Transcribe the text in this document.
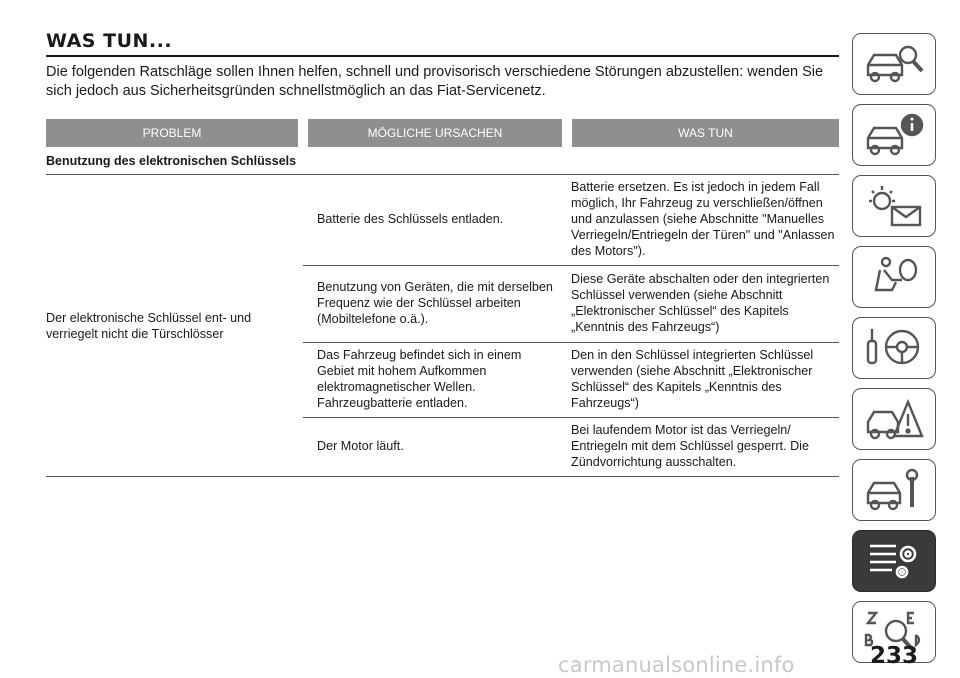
WAS TUN...
Die folgenden Ratschläge sollen Ihnen helfen, schnell und provisorisch verschiedene Störungen abzustellen: wenden Sie sich jedoch aus Sicherheitsgründen schnellstmöglich an das Fiat-Servicenetz.
PROBLEM	MÖGLICHE URSACHEN	WAS TUN
Benutzung des elektronischen Schlüssels		
Der elektronische Schlüssel ent- und verriegelt nicht die Türschlösser	Batterie des Schlüssels entladen.	Batterie ersetzen. Es ist jedoch in jedem Fall möglich, Ihr Fahrzeug zu verschließen/öffnen und anzulassen (siehe Abschnitte "Manuelles Verriegeln/Entriegeln der Türen" und "Anlassen des Motors").
	Benutzung von Geräten, die mit derselben Frequenz wie der Schlüssel arbeiten (Mobiltelefone o.ä.).	Diese Geräte abschalten oder den integrierten Schlüssel verwenden (siehe Abschnitt „Elektronischer Schlüssel“ des Kapitels „Kenntnis des Fahrzeugs“)
	Das Fahrzeug befindet sich in einem Gebiet mit hohem Aufkommen elektromagnetischer Wellen. Fahrzeugbatterie entladen.	Den in den Schlüssel integrierten Schlüssel verwenden (siehe Abschnitt „Elektronischer Schlüssel“ des Kapitels „Kenntnis des Fahrzeugs“)
	Der Motor läuft.	Bei laufendem Motor ist das Verriegeln/ Entriegeln mit dem Schlüssel gesperrt. Die Zündvorrichtung ausschalten.
233
carmanualsonline.info
